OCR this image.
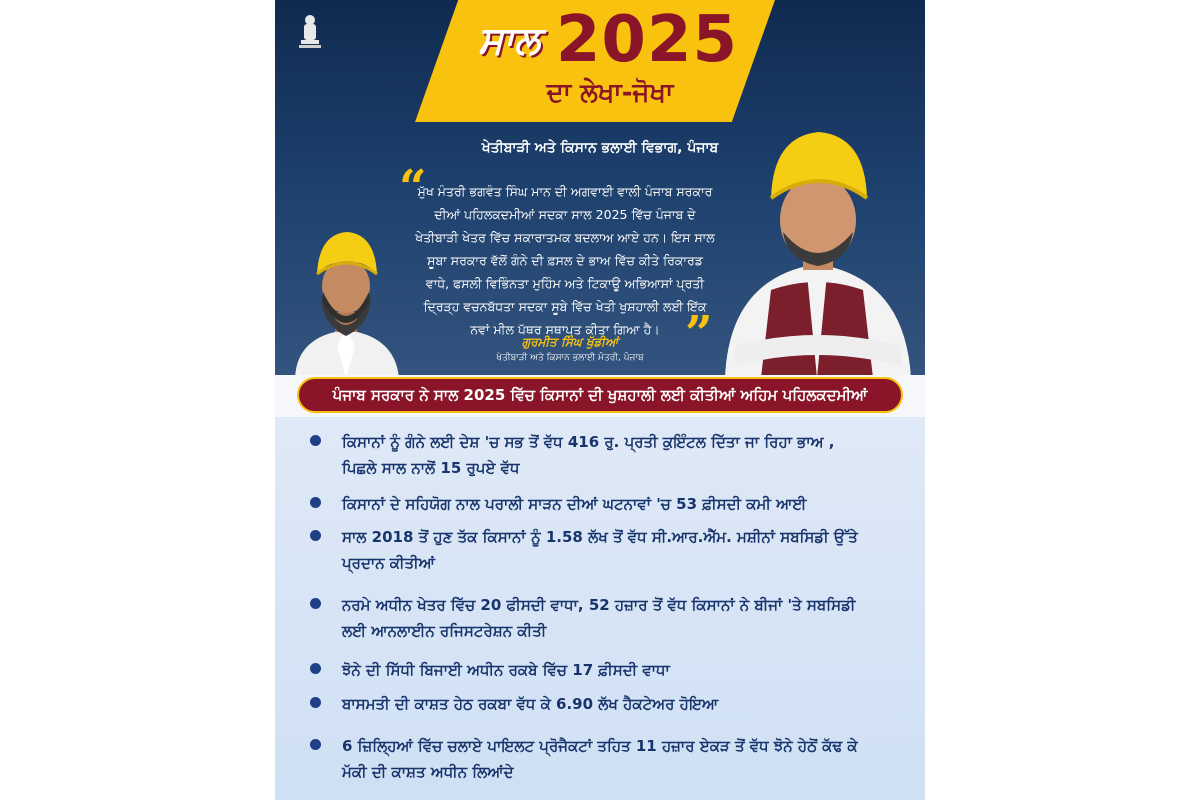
ਸਾਲ 2025
ਦਾ ਲੇਖਾ-ਜੋਖਾ
ਖੇਤੀਬਾੜੀ ਅਤੇ ਕਿਸਾਨ ਭਲਾਈ ਵਿਭਾਗ, ਪੰਜਾਬ
“
ਮੁੱਖ ਮੰਤਰੀ ਭਗਵੰਤ ਸਿੰਘ ਮਾਨ ਦੀ ਅਗਵਾਈ ਵਾਲੀ ਪੰਜਾਬ ਸਰਕਾਰ ਦੀਆਂ ਪਹਿਲਕਦਮੀਆਂ ਸਦਕਾ ਸਾਲ 2025 ਵਿੱਚ ਪੰਜਾਬ ਦੇ ਖੇਤੀਬਾੜੀ ਖੇਤਰ ਵਿੱਚ ਸਕਾਰਾਤਮਕ ਬਦਲਾਅ ਆਏ ਹਨ। ਇਸ ਸਾਲ ਸੂਬਾ ਸਰਕਾਰ ਵੱਲੋਂ ਗੰਨੇ ਦੀ ਫ਼ਸਲ ਦੇ ਭਾਅ ਵਿੱਚ ਕੀਤੇ ਰਿਕਾਰਡ ਵਾਧੇ, ਫਸਲੀ ਵਿਭਿੰਨਤਾ ਮੁਹਿੰਮ ਅਤੇ ਟਿਕਾਊ ਅਭਿਆਸਾਂ ਪ੍ਰਤੀ ਦ੍ਰਿੜ੍ਹ ਵਚਨਬੱਧਤਾ ਸਦਕਾ ਸੂਬੇ ਵਿੱਚ ਖੇਤੀ ਖੁਸ਼ਹਾਲੀ ਲਈ ਇੱਕ ਨਵਾਂ ਮੀਲ ਪੱਥਰ ਸਥਾਪਤ ਕੀਤਾ ਗਿਆ ਹੈ। ”
ਗੁਰਮੀਤ ਸਿੰਘ ਖੁੱਡੀਆਂ
ਖੇਤੀਬਾੜੀ ਅਤੇ ਕਿਸਾਨ ਭਲਾਈ ਮੰਤਰੀ, ਪੰਜਾਬ
ਪੰਜਾਬ ਸਰਕਾਰ ਨੇ ਸਾਲ 2025 ਵਿੱਚ ਕਿਸਾਨਾਂ ਦੀ ਖੁਸ਼ਹਾਲੀ ਲਈ ਕੀਤੀਆਂ ਅਹਿਮ ਪਹਿਲਕਦਮੀਆਂ
ਕਿਸਾਨਾਂ ਨੂੰ ਗੰਨੇ ਲਈ ਦੇਸ਼ 'ਚ ਸਭ ਤੋਂ ਵੱਧ 416 ਰੁ. ਪ੍ਰਤੀ ਕੁਇੰਟਲ ਦਿੱਤਾ ਜਾ ਰਿਹਾ ਭਾਅ , ਪਿਛਲੇ ਸਾਲ ਨਾਲੋਂ 15 ਰੁਪਏ ਵੱਧ
ਕਿਸਾਨਾਂ ਦੇ ਸਹਿਯੋਗ ਨਾਲ ਪਰਾਲੀ ਸਾੜਨ ਦੀਆਂ ਘਟਨਾਵਾਂ 'ਚ 53 ਫ਼ੀਸਦੀ ਕਮੀ ਆਈ
ਸਾਲ 2018 ਤੋਂ ਹੁਣ ਤੱਕ ਕਿਸਾਨਾਂ ਨੂੰ 1.58 ਲੱਖ ਤੋਂ ਵੱਧ ਸੀ.ਆਰ.ਐੱਮ. ਮਸ਼ੀਨਾਂ ਸਬਸਿਡੀ ਉੱਤੇ ਪ੍ਰਦਾਨ ਕੀਤੀਆਂ
ਨਰਮੇ ਅਧੀਨ ਖੇਤਰ ਵਿੱਚ 20 ਫੀਸਦੀ ਵਾਧਾ, 52 ਹਜ਼ਾਰ ਤੋਂ ਵੱਧ ਕਿਸਾਨਾਂ ਨੇ ਬੀਜਾਂ 'ਤੇ ਸਬਸਿਡੀ ਲਈ ਆਨਲਾਈਨ ਰਜਿਸਟਰੇਸ਼ਨ ਕੀਤੀ
ਝੋਨੇ ਦੀ ਸਿੱਧੀ ਬਿਜਾਈ ਅਧੀਨ ਰਕਬੇ ਵਿੱਚ 17 ਫ਼ੀਸਦੀ ਵਾਧਾ
ਬਾਸਮਤੀ ਦੀ ਕਾਸ਼ਤ ਹੇਠ ਰਕਬਾ ਵੱਧ ਕੇ 6.90 ਲੱਖ ਹੈਕਟੇਅਰ ਹੋਇਆ
6 ਜ਼ਿਲ੍ਹਿਆਂ ਵਿੱਚ ਚਲਾਏ ਪਾਇਲਟ ਪ੍ਰੋਜੈਕਟਾਂ ਤਹਿਤ 11 ਹਜ਼ਾਰ ਏਕੜ ਤੋਂ ਵੱਧ ਝੋਨੇ ਹੇਠੋਂ ਕੱਢ ਕੇ ਮੱਕੀ ਦੀ ਕਾਸ਼ਤ ਅਧੀਨ ਲਿਆਂਦੇ
